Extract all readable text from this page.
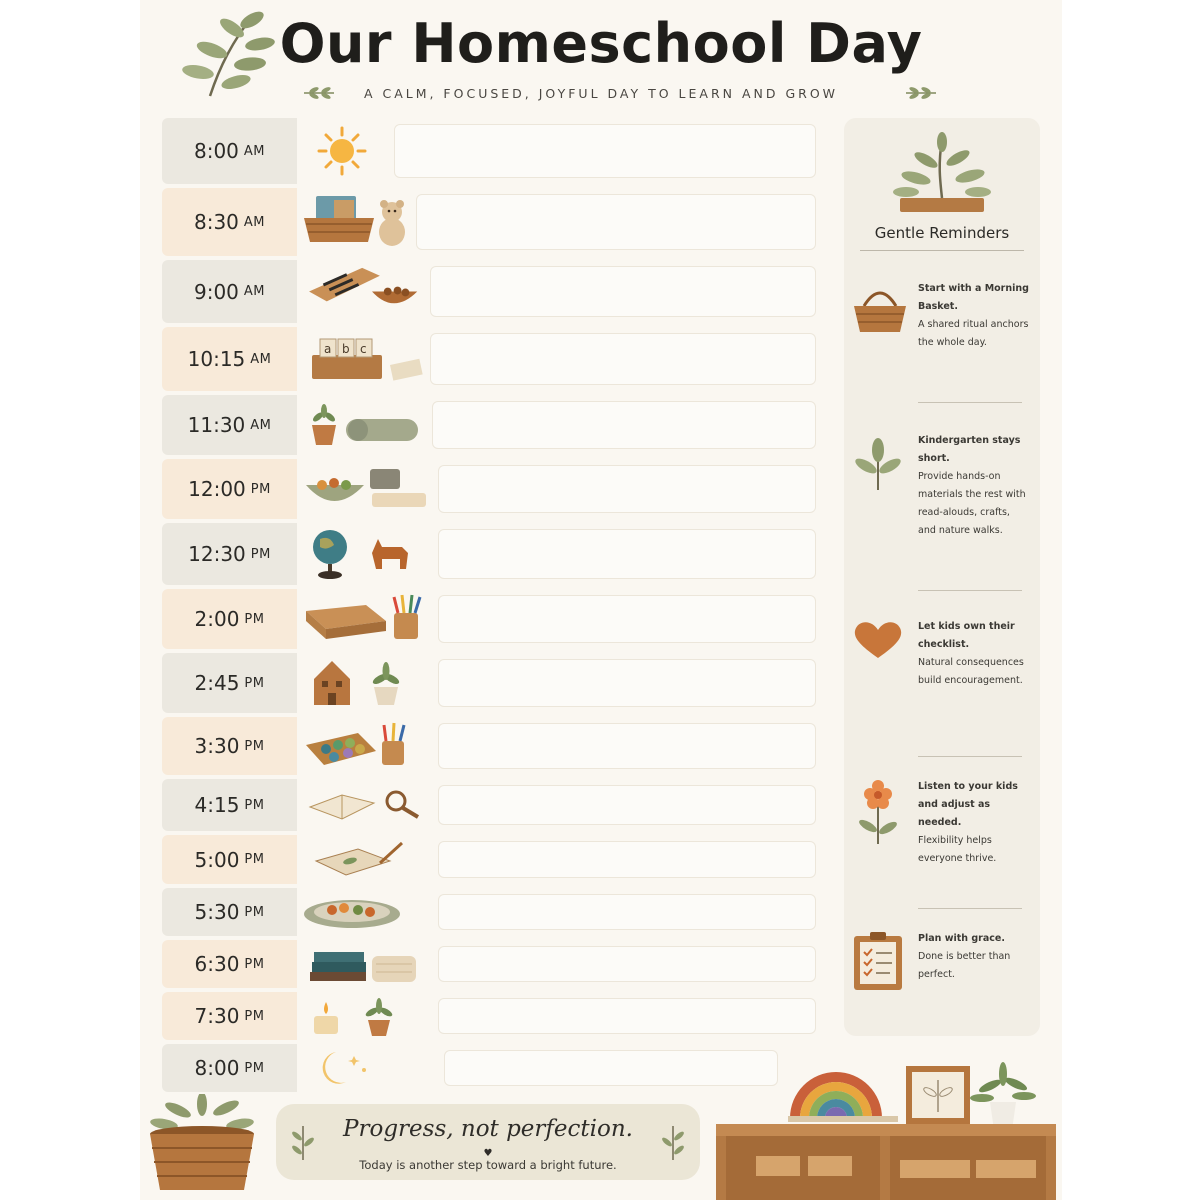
Our Homeschool Day
A CALM, FOCUSED, JOYFUL DAY TO LEARN AND GROW
8:00 AM
8:30 AM
9:00 AM
10:15 AM
a b c
11:30 AM
12:00 PM
12:30 PM
2:00 PM
2:45 PM
3:30 PM
4:15 PM
5:00 PM
5:30 PM
6:30 PM
7:30 PM
8:00 PM
Gentle Reminders
Start with a Morning Basket.
A shared ritual anchors the whole day.
Kindergarten stays short.
Provide hands-on materials the rest with read-alouds, crafts, and nature walks.
Let kids own their checklist.
Natural consequences build encouragement.
Listen to your kids and adjust as needed.
Flexibility helps everyone thrive.
Plan with grace.
Done is better than perfect.
Progress, not perfection.
♥
Today is another step toward a bright future.
